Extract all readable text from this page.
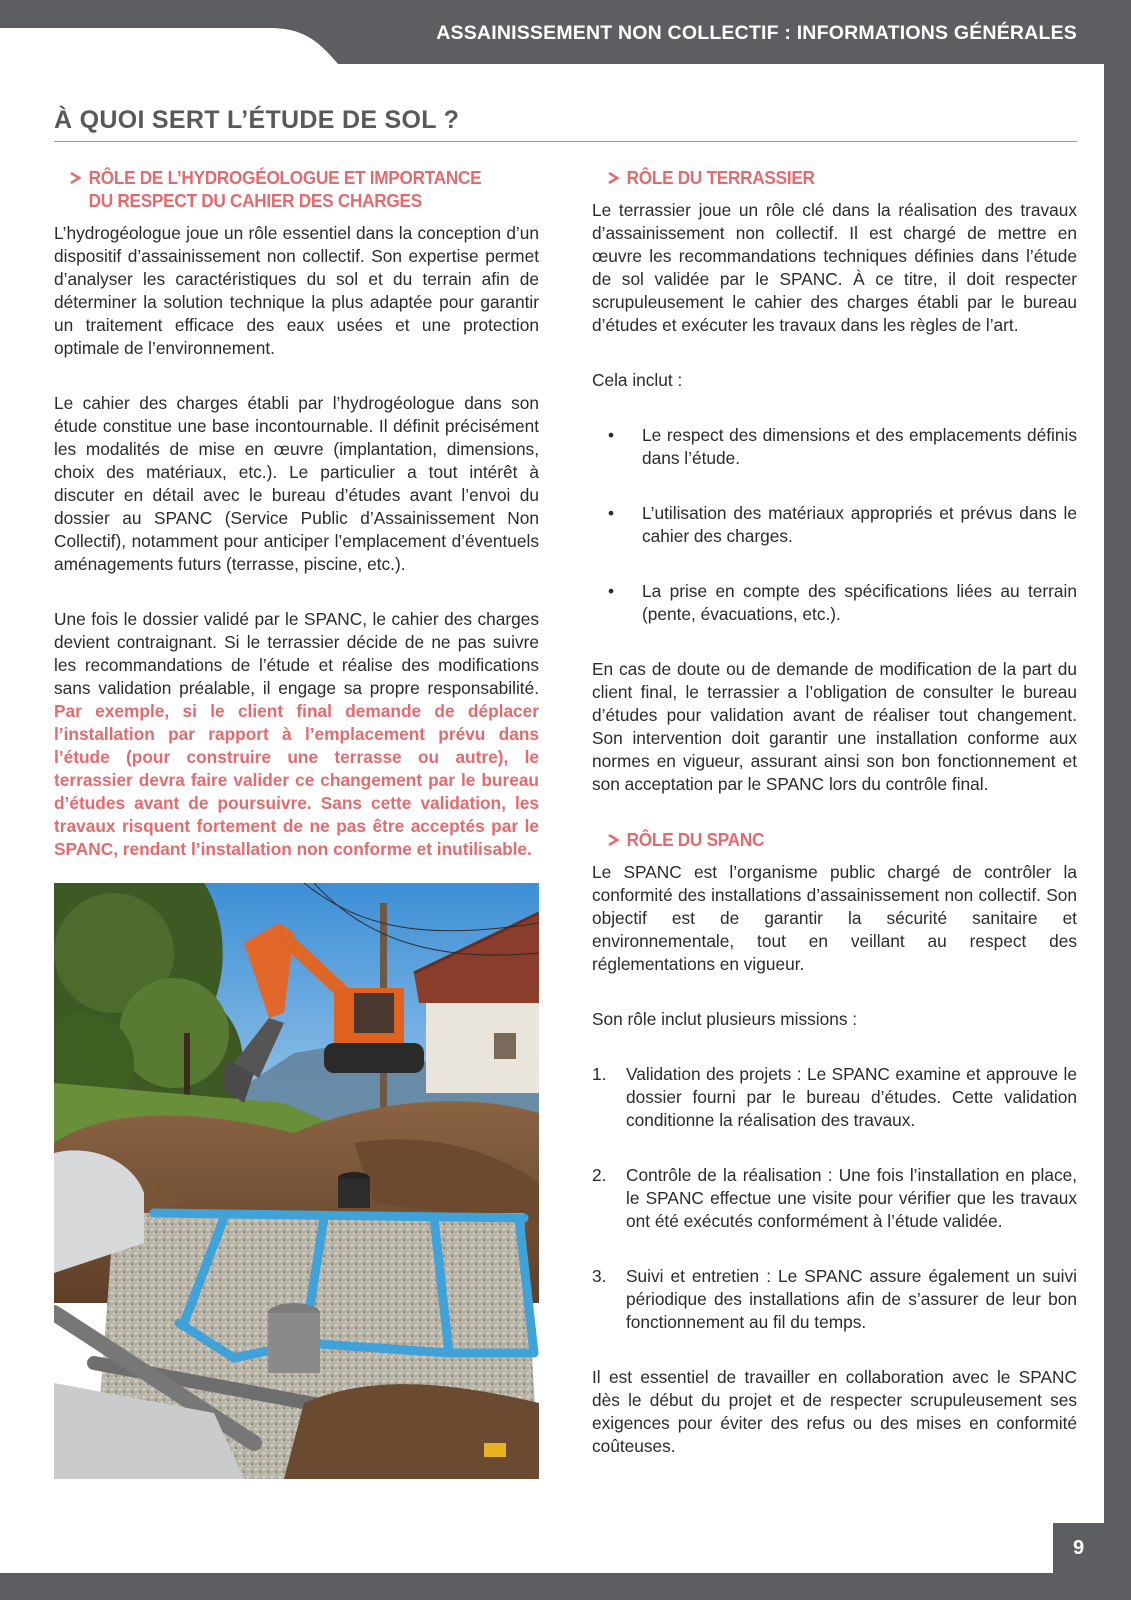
ASSAINISSEMENT NON COLLECTIF : INFORMATIONS GÉNÉRALES
9
À QUOI SERT L’ÉTUDE DE SOL ?
RÔLE DE L’HYDROGÉOLOGUE ET IMPORTANCE
DU RESPECT DU CAHIER DES CHARGES

L’hydrogéologue joue un rôle essentiel dans la conception d’un dispositif d’assainissement non collectif. Son expertise permet d’analyser les caractéristiques du sol et du terrain afin de déterminer la solution technique la plus adaptée pour garantir un traitement efficace des eaux usées et une protection optimale de l’environnement.

Le cahier des charges établi par l’hydrogéologue dans son étude constitue une base incontournable. Il définit précisément les modalités de mise en œuvre (implantation, dimensions, choix des matériaux, etc.). Le particulier a tout intérêt à discuter en détail avec le bureau d’études avant l’envoi du dossier au SPANC (Service Public d’Assainissement Non Collectif), notamment pour anticiper l’emplacement d’éventuels aménagements futurs (terrasse, piscine, etc.).

Une fois le dossier validé par le SPANC, le cahier des charges devient contraignant. Si le terrassier décide de ne pas suivre les recommandations de l’étude et réalise des modifications sans validation préalable, il engage sa propre responsabilité. Par exemple, si le client final demande de déplacer l’installation par rapport à l’emplacement prévu dans l’étude (pour construire une terrasse ou autre), le terrassier devra faire valider ce changement par le bureau d’études avant de poursuivre. Sans cette validation, les travaux risquent fortement de ne pas être acceptés par le SPANC, rendant l’installation non conforme et inutilisable.

RÔLE DU TERRASSIER

Le terrassier joue un rôle clé dans la réalisation des travaux d’assainissement non collectif. Il est chargé de mettre en œuvre les recommandations techniques définies dans l’étude de sol validée par le SPANC. À ce titre, il doit respecter scrupuleusement le cahier des charges établi par le bureau d’études et exécuter les travaux dans les règles de l’art.

Cela inclut :

• Le respect des dimensions et des emplacements définis dans l’étude.
• L’utilisation des matériaux appropriés et prévus dans le cahier des charges.
• La prise en compte des spécifications liées au terrain (pente, évacuations, etc.).

En cas de doute ou de demande de modification de la part du client final, le terrassier a l’obligation de consulter le bureau d’études pour validation avant de réaliser tout changement. Son intervention doit garantir une installation conforme aux normes en vigueur, assurant ainsi son bon fonctionnement et son acceptation par le SPANC lors du contrôle final.

RÔLE DU SPANC

Le SPANC est l’organisme public chargé de contrôler la conformité des installations d’assainissement non collectif. Son objectif est de garantir la sécurité sanitaire et environnementale, tout en veillant au respect des réglementations en vigueur.

Son rôle inclut plusieurs missions :

1. Validation des projets : Le SPANC examine et approuve le dossier fourni par le bureau d’études. Cette validation conditionne la réalisation des travaux.
2. Contrôle de la réalisation : Une fois l’installation en place, le SPANC effectue une visite pour vérifier que les travaux ont été exécutés conformément à l’étude validée.
3. Suivi et entretien : Le SPANC assure également un suivi périodique des installations afin de s’assurer de leur bon fonctionnement au fil du temps.

Il est essentiel de travailler en collaboration avec le SPANC dès le début du projet et de respecter scrupuleusement ses exigences pour éviter des refus ou des mises en conformité coûteuses.
